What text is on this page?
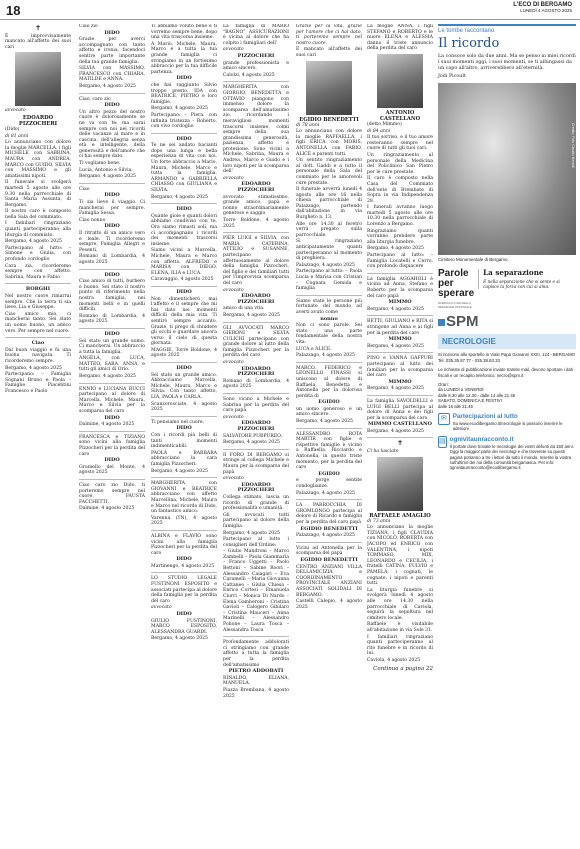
18	L'ECO DI BERGAMO
LUNEDÌ 4 AGOSTO 2025
✝

È improvvisamente mancato all'affetto dei suoi cari

avvocato

EDOARDO PIZZOCHERI

(Dido)

di 81 anni

Lo annunciano con dolore la moglie MARCELLA, i figli MICHELE con SABRINA, MAURA con ANDREA, MARCO con GUIDO, SILVIA con MASSIMO e gli amatissimi nipoti.

Il funerale si svolgerà martedì 5 agosto alle ore 9.30 nella parrocchiale di Santa Maria Assunta, di Bergamo.

Il nostro caro è composto nella Sala del commiato.

I familiari ringraziano quanti parteciperanno alla liturgia di commiato.

Bergamo, 4 agosto 2025

Partecipano al lutto: – Simone e Giulia, con profondo cordoglio

Cara zia, ricorderemo sempre con affetto. Sabrina, Maura e Fabio

BORGHI

Nel nostro cuore rimarrai sempre. Che la terra ti sia lieve. Lia e Giuseppe.

Ciao amico mio, ci mancherai tanto. Sei stato un uomo buono, un amico vero. Per sempre nel cuore.

Ciao

Dal buon viaggio e fa una buona navigata. Ti ricorderemo sempre.

Bergamo, 4 agosto 2025

Partecipano: – Famiglia Sognani Bruno e Paola – Famiglie Piacentini Francesco e Paolo

Ciao zio

DIDO

Grazie per averci accompagnato con tanto affetto e ironia, facendoci sentire parte importante della tua grande famiglia.

SILVIA con MASSIMO, FRANCESCO con CHIARA, MATILDE e ANNA.

Bergamo, 4 agosto 2025

Ciao, caro zio

DIDO

Un altro pezzo del nostro cuore è dolorosamente se ne va con te: ma sarai sempre con noi nei ricordi delle vacanze al mare e in cascina, dell'allegria senza età e intelligente, della generosità e dell'amore che ci hai sempre dato.

Ti vogliamo bene.

Lucia, Antonio e Silvia.

Bergamo, 4 agosto 2025

Ciao

DIDO

Ti sia lieve il viaggio. Ci mancherai per sempre. Famiglia Sessa.

Ciao nonno

DIDO

Il ritratto di un amico vero e leale. Ti ricorderemo sempre. Famiglia Allegri e Pesenti.

Romano di Lombardia, 4 agosto 2025

DIDO

Ciao amico di tutti, burbero e buono. Sei stato il nostro punto di riferimento nella nostra famiglia, nei momenti belli e in quelli difficili.

Romano di Lombardia, 4 agosto 2025

DIDO

Sei stato un grande uomo. Ci mancherai. Un abbraccio a tutta la famiglia.

ANGELA, con LUCA, MATTEO, SARA, ANNA, e tutti gli amici di Orio.

Bergamo, 4 agosto 2025

ENNIO e LUCIANA RUCCI partecipano al dolore di Marcella, Michele, Maura, Marco e Silvia per la scomparsa del caro

DIDO

Dalmine, 4 agosto 2025

FRANCESCA e TIZIANO sono vicini alla famiglia Pizzocheri per la perdita del caro

DIDO

Grumello del Monte, 4 agosto 2025

Ciao caro zio Dido, ti porteremo sempre nel cuore. FAUSTA FACCHETTI.

Dalmine, 4 agosto 2025

Ti abbiamo voluto bene e ti vorremo sempre bene, dopo una vita trascorsa insieme.

A Mario, Michele, Maura, Marco e a tutta la tua grande famiglia ci stringiamo in un fortissimo abbraccio per la tua difficile partenza.

DIDO

che hai raggiunto Silvio troppo presto. IDA con BEATRICE, PIETRO e loro famiglie.

Bergamo, 4 agosto 2025

Partecipano: – Piera, con infinita tristezza – Roberto, con vivo cordoglio

DIDO

Te ne sei andato bacianti dopo una lunga e bella esperienza di vita con noi. Un forte abbraccio a Mario, Maura, Michele, Marco e tutta la famiglia. ARMANDO e GABRIELLA CHIASSO con GIULIANA e SILVIA.

Bergamo, 4 agosto 2025

DIDO

Quante gioie e quanti dolori abbiamo condiviso con te. Ora siamo rimasti soli, ma ci accompagnano i ricordi dei momenti trascorsi insieme.

Siamo vicini a Marcella, Michele, Maura e Marco con affetto. ALFREDO e MARISA con DIEGO, ELENA, ILIA e LUCA.

Caravaggio, 4 agosto 2025

DIDO

Non dimenticherò mai l'affetto e il sempre che mi hai dato nei momenti difficili della mia vita. Ti sentirò sempre accanto. Grazie, ti prego di chiudere gli occhi e guardare ancora verso il cielo di questa giornata.

MAGGIE, Torre Boldone, 4 agosto 2025

DIDO

Sei stato un grande amico. Abbracciamo Marcella, Michele, Maura, Marco e Silvia. Con tanto affetto, LIA, PAOLA e CARLA.

Scanzorosciate, 4 agosto 2025

Ti pensiamo nel cuore.

DIDO

Con i ricordi più belli di tanti momenti indimenticabili.

PAOLA e BARBARA abbracciano la cara famiglia Pizzocheri.

Bergamo, 4 agosto 2025

MARGHERITA con GIOVANNI e BEATRICE abbracciano con affetto Marcellina, Michele, Maura e Marco nel ricordo di Dido, un fantastico amico.

Varenna (TN), 4 agosto 2025

ALBINA e FLAVIO sono vicini alla famiglia Pizzocheri per la perdita del caro

DIDO

Martinengo, 4 agosto 2025

LO STUDIO LEGALE FUSTINONI ESPOSITO e associati partecipa al dolore della famiglia per la perdita del caro

avvocato

DIDO

GIULIO FUSTINONI, MARCO ESPOSITO, ALESSANDRA GUARDI.

Bergamo, 4 agosto 2025

La famiglia di MARIO "BAGNO" ASSICURAZIONI è vicina al dolore che ha colpito i famigliari dell'

avvocato

PIZZOCHERI

grande professionista e amico sincero.

Calolzi, 4 agosto 2025

MARGHERITA con GIORGIO, BENEDETTA e OTTAVIO piangono con immenso dolore la scomparsa dell'amatissimo zio, ricordando i meravigliosi momenti trascorsi insieme, colmi sempre della sua grandissima generosità, pazienza, affetto e protezione. Sono vicini a Michele, Sabrina, Maura e Andrea, Marco e Guido e i loro nipoti per la scomparsa dell'

avvocato

EDOARDO PIZZOCHERI

avvocato stimatissimo, grande amico, papà e nonno straordinariamente generoso e saggio.

Torre Boldone, 4 agosto 2025

PIER LUIGI e SILVIA, con MARIA CATERINA, ATTILIO e SUSANNE, partecipano affettuosamente al dolore della famiglia Pizzocheri, del figlio e dei familiari tutti per l'improvvisa scomparsa del caro

avvocato

EDOARDO PIZZOCHERI

amico di una vita.

Bergamo, 4 agosto 2025

GLI AVVOCATI MARCO GIERONI e SILVIA CULICHI partecipano con grande dolore al lutto della famiglia Pizzocheri per la perdita del caro

avvocato

EDOARDO PIZZOCHERI

Romano di Lombardia, 4 agosto 2025

Sono vicino a Michele e Sabrina per la perdita del caro papà

avvocato

EDOARDO PIZZOCHERI

SALVATORE PUBPUREO.

Bergamo, 4 agosto 2025

Il FORO DI BERGAMO si stringe al collega Michele e Maura per la scomparsa del papà

avvocato

EDOARDO PIZZOCHERI

Collega stimato, lascia un ricordo di grande di professionalità e umanità.

Gli avvocati tutti partecipano al dolore della famiglia.

Bergamo, 4 agosto 2025

Partecipano al lutto i consiglieri dell'Ordine:

– Giulio Mandroni – Marco Zambelli – Paola Giammaria – Franco Uggetti – Paolo Bettoni – Sabine Roori – Alessandro Caiagari – Eva Caramelli – Maria Giovanna Cattaneo – Giulia Chiesa – Enrico Cortesi – Emanuela Ciurri – Monica Di Nardo – Elena Gamberoni – Cristina Gavioli – Calogero Gibilaro – Cristina Mauceri – Anna Marinelli – Alessandro Polione – Laura Tosca – Alessandra Tosca

Profondamente addolorati ci stringiamo con grande affetto a tutta la famiglia per la perdita dell'amatissimo

PIETRO ADDOBATI

RINALDO, ELIANA, MANUELA.

Piazza Brembana, 4 agosto 2025

Grazie per la vita, grazie per l'amore che ci hai dato, ti porteremo sempre nel nostro cuore.

È mancato all'affetto dei suoi cari

EGIDIO BENEDETTI

di 78 anni

Lo annunciano con dolore la moglie RAFFAELLA, i figli ERICA con MORIS, ANTONELLA con FABIO, ALICE e parenti tutti.

Un sentito ringraziamento al dott. Gaddi e a tutto il personale della Sala del commiato per le amorevoli cure prestate.

Il funerale avverrà lunedì 4 agosto alle ore 16 nella chiesa parrocchiale di Palazzago, partendo dall'abitazione in via Burgheto n. 13.

Alle ore 14.30 al feretro verrà pregato sulla parrocchiale.

Si ringraziano anticipatamente quanti parteciperanno al momento di preghiera.

Palazzago, 4 agosto 2025

Partecipano al lutto: – Paola Lucia e Marisa con Cristian – Cognata Gemida e famiglia

Siamo state le persone più fortunate del mondo ad averti avuto come

nonno

Non ci sono parole. Sei stato una parte fondamentale della nostra vita.

LUCA e ALICE.

Palazzago, 4 agosto 2025

MARCO, FEDERICO e LEONELLO FINASSI si uniscono al dolore di Raffaela, Benedetta e Antonella per la dolorosa perdita di

EGIDIO

un uomo generoso e un amico sincero.

Bergamo, 4 agosto 2025

ALESSANDRO ROTA MARTIR con figlie e rispettive famiglie è vicino a Raffaella, Ricciardo e Antonella, in questo triste momento, per la perdita del caro

EGIDIO

e porge sentite condoglianze.

Palazzago, 4 agosto 2025

LA PARROCCHIA DI GROMLONGO partecipa al dolore di Ricardo e famiglia per la perdita del caro papà

EGIDIO BENEDETTI

Palazzago, 4 agosto 2025

Vicini ad Antonella per la scomparsa del papà

EGIDIO BENEDETTI

CENTRO ANZIANI VILLA DELLAMICIZIA e COORDINAMENTO PROVINCIALE ANZIANI ASSOCIATI SOLIDALI DI BERGAMO.

Castelli Calepio, 4 agosto 2025

La moglie ANNA, i figli STEFANO e ROBERTO e le nuore ELENA e ALESSIA danno il triste annuncio della perdita del caro

ANTONIO CASTELLANO

(detto Mimmo)

di 84 anni

Il tuo sorriso, e il tuo amore resteranno sempre nel cuore di tutti gli tuoi cari.

Un ringraziamento al personale della Medicina del Policlinico San Pietro per le cure prestate.

Il caro è composto nella Casa del Commiato dell'ente di Brembate di Sopra in via Indipendenza 28.

I funerali avranno luogo martedì 5 agosto alle ore 10.30 nella parrocchiale di Lorenzo a Bergamo.

Ringraziamo quanti vorranno prendere parte alla liturgia funebre.

Bergamo, 4 agosto 2025

Partecipano al lutto: – Famiglia Locatelli e Cerro, con profondo dispiacere

La famiglia AGGAHOLI è vicina ad Anna, Stefano e Roberto per la scomparsa del caro papà

MIMMO

Bergamo, 4 agosto 2025

BETTI, GIULIANO e RITA si stringono ad Anna e ai figli per la perdita del caro

MIMMO

Bergamo, 4 agosto 2025

PINO e VANNA GAFFURI partecipano al lutto dei familiari per la scomparsa del caro

MIMMO

Bergamo, 4 agosto 2025

La famiglia SAVOLDELLI e LUIGI BELLI partecipa al dolore di Anna e dei figli per la scomparsa del caro

MIMMO CASTELLANO

Bergamo, 4 agosto 2025

✝

Ci ha lasciato

RAFFAELE AMAGLIO

di 73 anni

Lo annunciano la moglie TIZIANA, i figli CLAUDIA con NICOLÒ, ROBERTA con JACOPO ed ENRICO con VALENTINA, i nipoti TOMMASO, MIX, LEONARDO e CECILIA, i fratelli CATINA, FULVIO e PAMELA, i cognati, le cognate, i nipoti e parenti tutti.

La liturgia funebre si svolgerà lunedì 4 agosto alle ore 14.30 nella parrocchiale di Caviola, seguirà la sepoltura nel cimitero locale.

Raffaele è visitabile all'abitazione in via Sole 31.

I familiari ringraziano quanti parteciperanno al rito funebre e in ricordo di lui.

Caviola, 4 agosto 2025

Continua a pagina 22
Le tombe raccontano
Il ricordo
La consoce solo da due anni. Ma se penso ai miei ricordi i suoi momenti oggi, i suoi momenti, se ti allungassi da un capo all'altro, arriverebbero all'eternità.
Jodi Picoult
Credito: Foto Claudio Benedi
Cimitero Monumentale di Bergamo
Parole per sperare
RUBRICA A CURA DELLA REDAZIONE PASTORALE
La separazione
È nella separazione che si sente e si capisce la forza con cui si ama.
SPM
NECROLOGIE
Si ricevono allo sportello in Viale Papa Giovanni XXIII, 124 - BERGAMO
Tel. 035.35.87.77 - 035.38.63.33
Le richieste di pubblicazione inviate tramite mail, devono riportare i dati fiscali e un recapito telefonico: necro@spm.it
Orari:
da LUNEDÌ a VENERDÌ
dalle 8.30 alle 12.30 - dalle 14 alle 21.45
SABATO, DOMENICA E FESTIVI
dalle 16 alle 21.45
✉ Partecipazioni al lutto
Su www.ecodibergamo.it/necrologie si possono inserire le adesioni
▤ ognivitaunracconto.it
Il portale dove trovate le necrologie dei vostri defunti da 150 anni. Oggi la maggior parte dei necrologi e che troverete su questi pagina potranno a tre i lettori da tutto il mondo. Inserite la vostra sull'ultimo dei noi della comunità bergamasca. Per info: ognivitaunracconto@ecodibergamo.it
